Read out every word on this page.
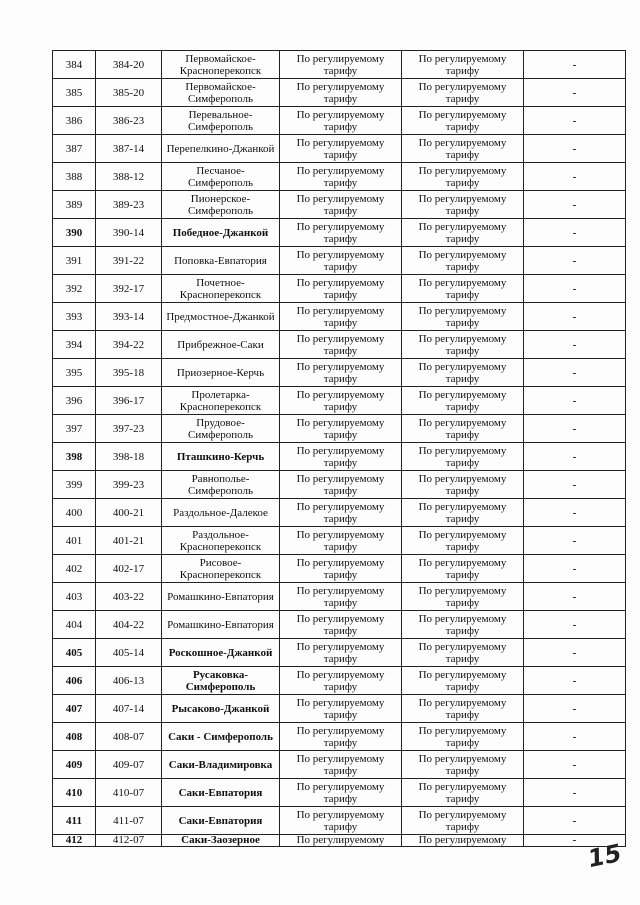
384	384-20	Первомайское-Красноперекопск	По регулируемому тарифу	По регулируемому тарифу	-
385	385-20	Первомайское-Симферополь	По регулируемому тарифу	По регулируемому тарифу	-
386	386-23	Перевальное-Симферополь	По регулируемому тарифу	По регулируемому тарифу	-
387	387-14	Перепелкино-Джанкой	По регулируемому тарифу	По регулируемому тарифу	-
388	388-12	Песчаное-Симферополь	По регулируемому тарифу	По регулируемому тарифу	-
389	389-23	Пионерское-Симферополь	По регулируемому тарифу	По регулируемому тарифу	-
390	390-14	Победное-Джанкой	По регулируемому тарифу	По регулируемому тарифу	-
391	391-22	Поповка-Евпатория	По регулируемому тарифу	По регулируемому тарифу	-
392	392-17	Почетное-Красноперекопск	По регулируемому тарифу	По регулируемому тарифу	-
393	393-14	Предмостное-Джанкой	По регулируемому тарифу	По регулируемому тарифу	-
394	394-22	Прибрежное-Саки	По регулируемому тарифу	По регулируемому тарифу	-
395	395-18	Приозерное-Керчь	По регулируемому тарифу	По регулируемому тарифу	-
396	396-17	Пролетарка-Красноперекопск	По регулируемому тарифу	По регулируемому тарифу	-
397	397-23	Прудовое-Симферополь	По регулируемому тарифу	По регулируемому тарифу	-
398	398-18	Пташкино-Керчь	По регулируемому тарифу	По регулируемому тарифу	-
399	399-23	Равнополье-Симферополь	По регулируемому тарифу	По регулируемому тарифу	-
400	400-21	Раздольное-Далекое	По регулируемому тарифу	По регулируемому тарифу	-
401	401-21	Раздольное-Красноперекопск	По регулируемому тарифу	По регулируемому тарифу	-
402	402-17	Рисовое-Красноперекопск	По регулируемому тарифу	По регулируемому тарифу	-
403	403-22	Ромашкино-Евпатория	По регулируемому тарифу	По регулируемому тарифу	-
404	404-22	Ромашкино-Евпатория	По регулируемому тарифу	По регулируемому тарифу	-
405	405-14	Роскошное-Джанкой	По регулируемому тарифу	По регулируемому тарифу	-
406	406-13	Русаковка-Симферополь	По регулируемому тарифу	По регулируемому тарифу	-
407	407-14	Рысаково-Джанкой	По регулируемому тарифу	По регулируемому тарифу	-
408	408-07	Саки - Симферополь	По регулируемому тарифу	По регулируемому тарифу	-
409	409-07	Саки-Владимировка	По регулируемому тарифу	По регулируемому тарифу	-
410	410-07	Саки-Евпатория	По регулируемому тарифу	По регулируемому тарифу	-
411	411-07	Саки-Евпатория	По регулируемому тарифу	По регулируемому тарифу	-
412	412-07	Саки-Заозерное	По регулируемому	По регулируемому	- 15
